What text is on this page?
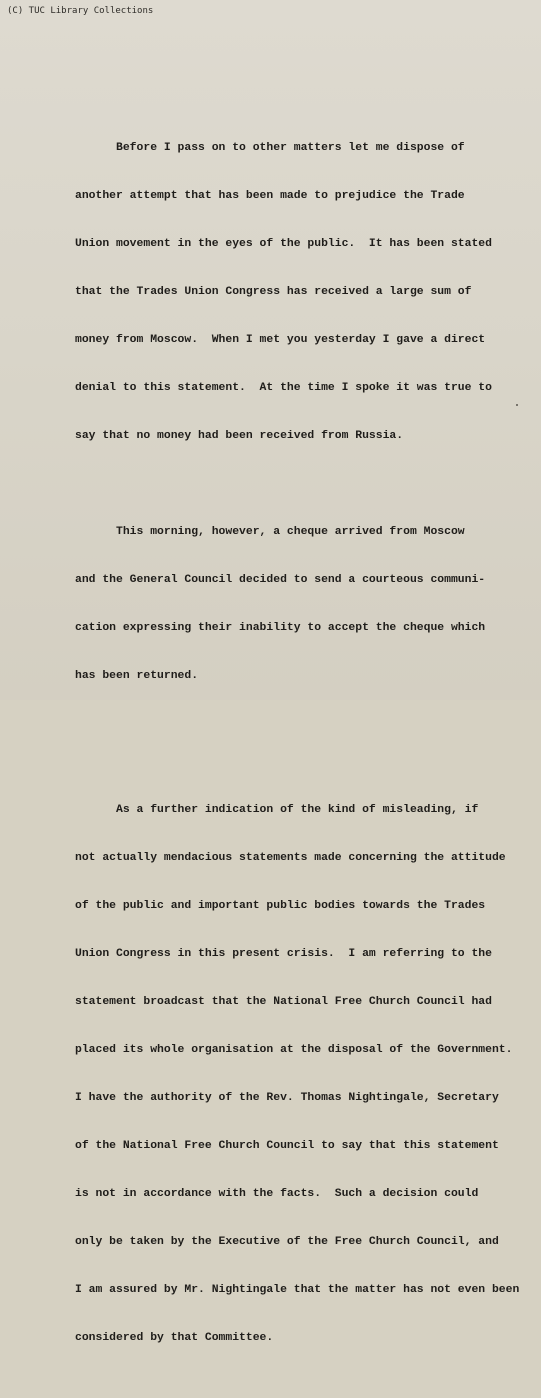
(C) TUC Library Collections

Before I pass on to other matters let me dispose of

another attempt that has been made to prejudice the Trade

Union movement in the eyes of the public.  It has been stated

that the Trades Union Congress has received a large sum of

money from Moscow.  When I met you yesterday I gave a direct

denial to this statement.  At the time I spoke it was true to

say that no money had been received from Russia.

This morning, however, a cheque arrived from Moscow

and the General Council decided to send a courteous communi-

cation expressing their inability to accept the cheque which

has been returned.

As a further indication of the kind of misleading, if

not actually mendacious statements made concerning the attitude

of the public and important public bodies towards the Trades

Union Congress in this present crisis.  I am referring to the

statement broadcast that the National Free Church Council had

placed its whole organisation at the disposal of the Government.

I have the authority of the Rev. Thomas Nightingale, Secretary

of the National Free Church Council to say that this statement

is not in accordance with the facts.  Such a decision could

only be taken by the Executive of the Free Church Council, and

I am assured by Mr. Nightingale that the matter has not even been

considered by that Committee.
